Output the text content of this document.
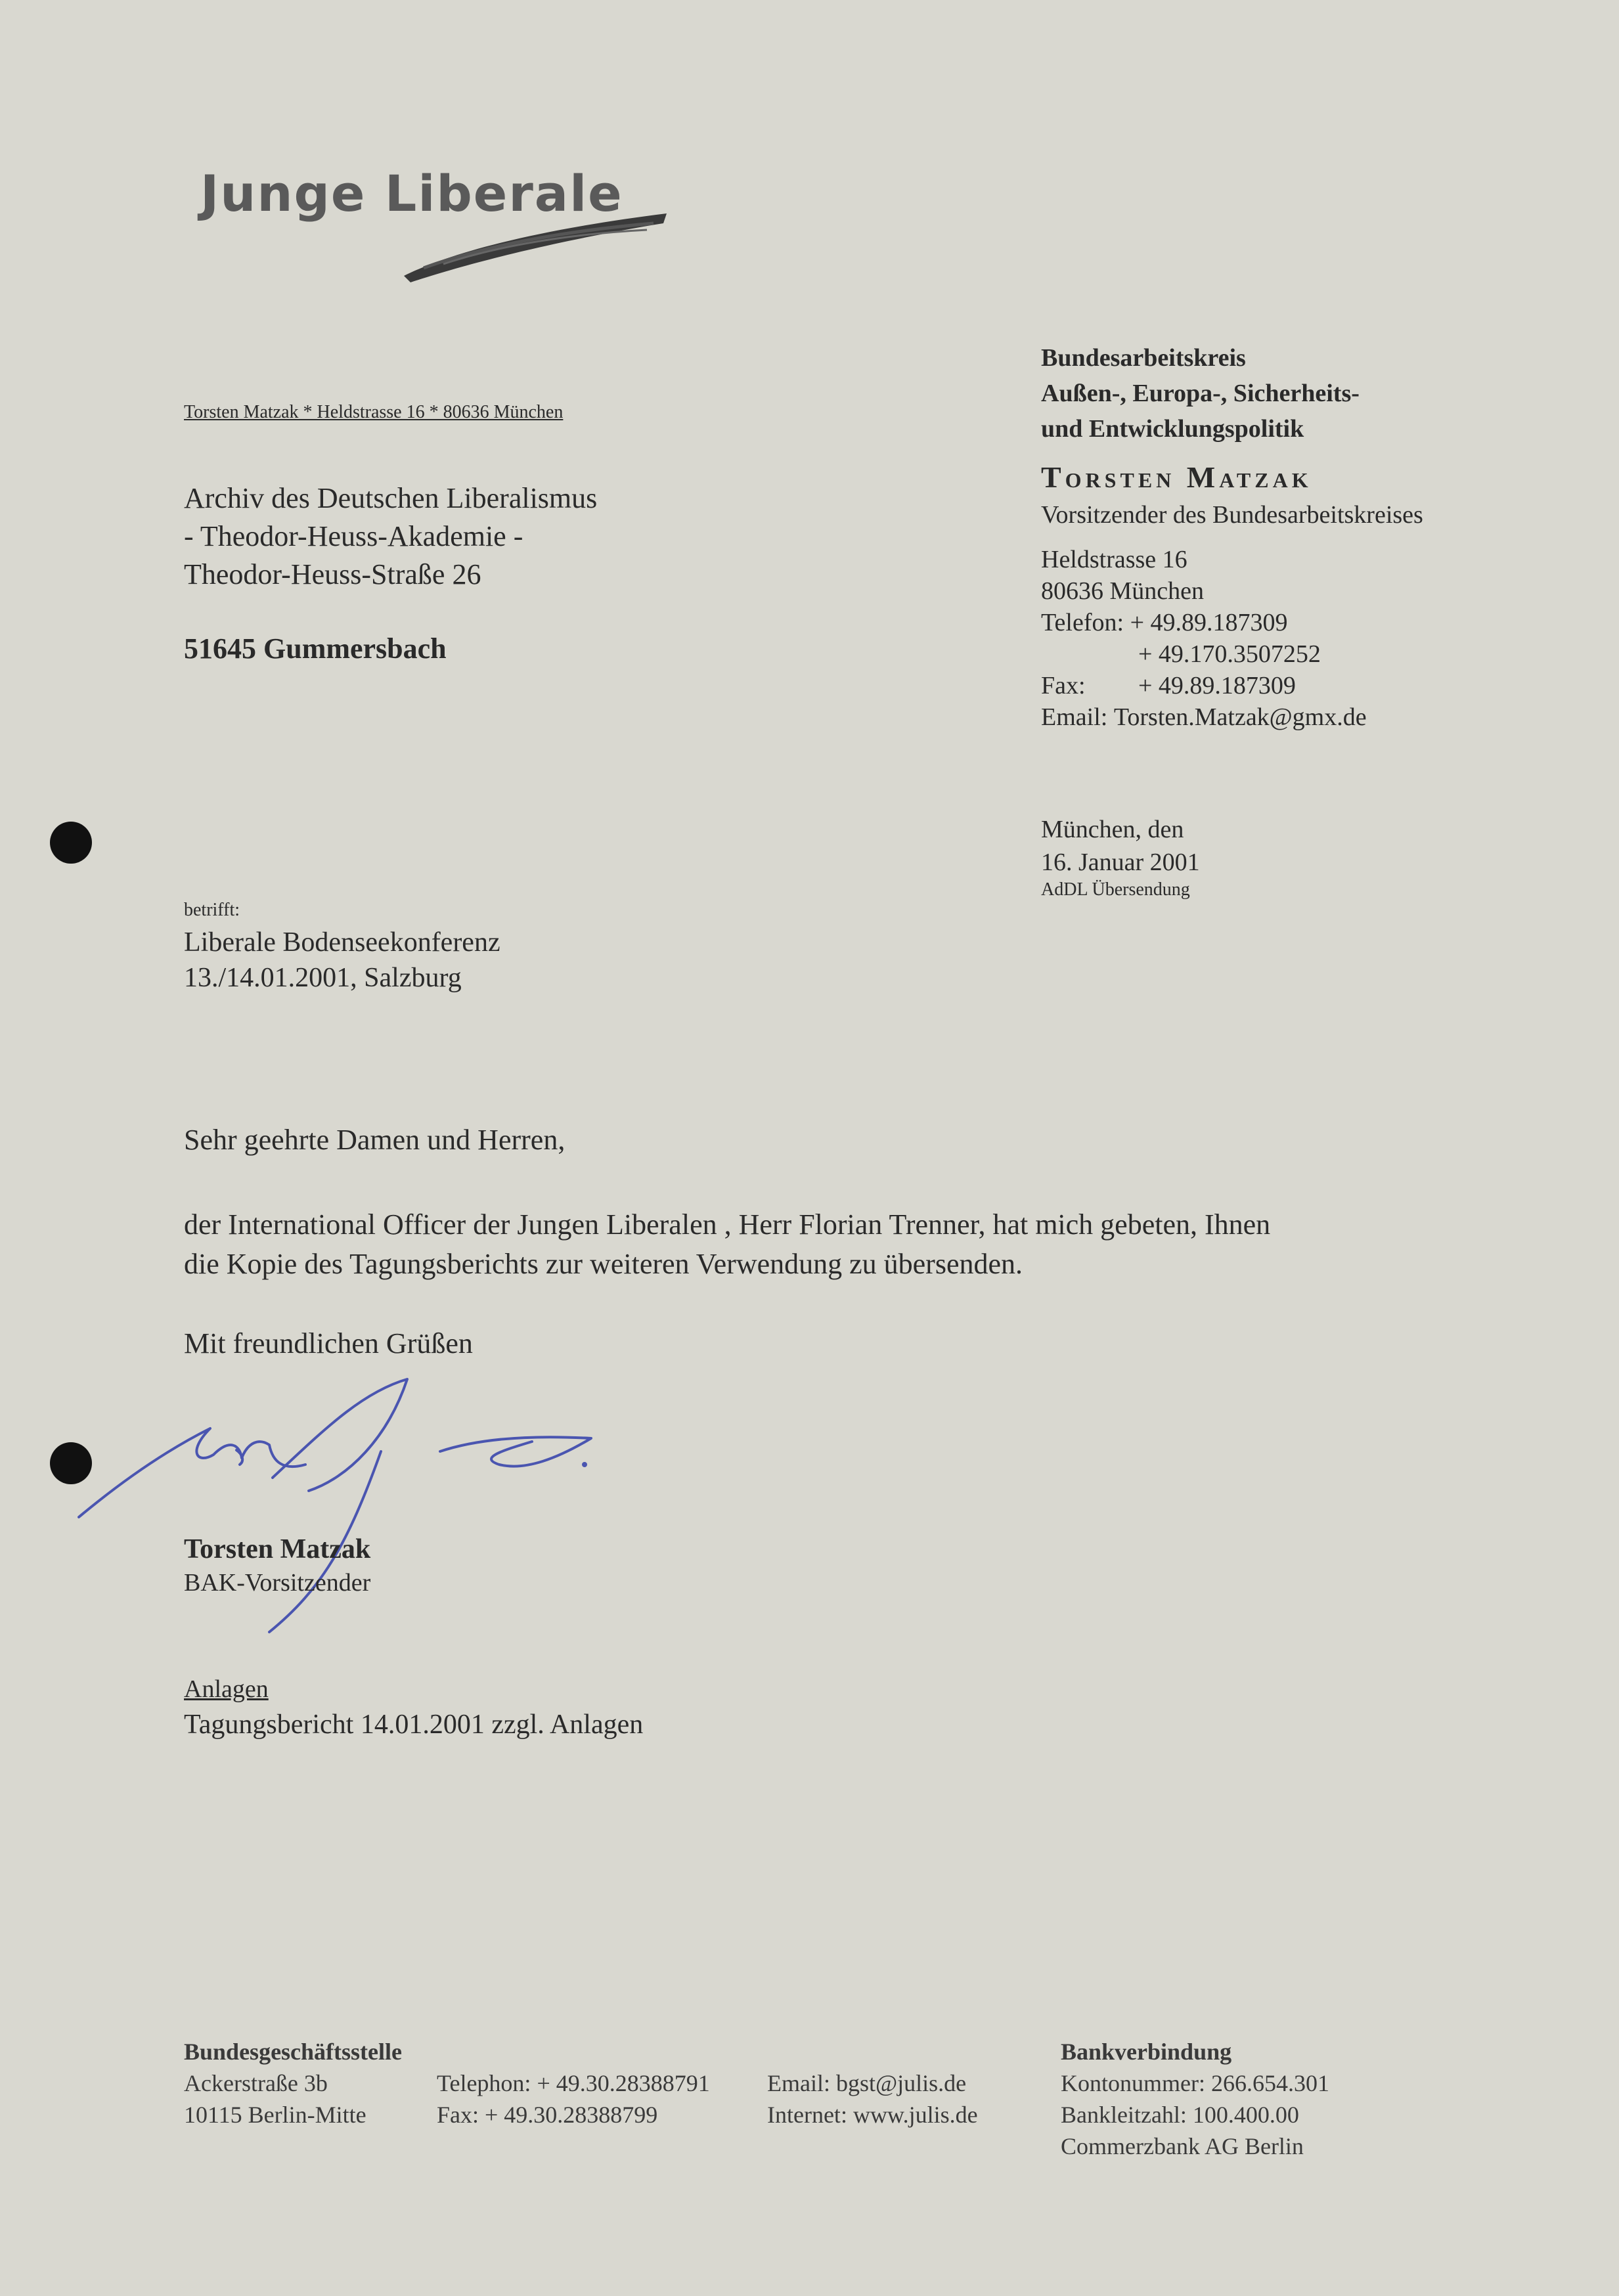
Junge Liberale
Torsten Matzak * Heldstrasse 16 * 80636 München
Archiv des Deutschen Liberalismus
- Theodor-Heuss-Akademie -
Theodor-Heuss-Straße 26
51645 Gummersbach
Bundesarbeitskreis
Außen-, Europa-, Sicherheits-
und Entwicklungspolitik
Torsten Matzak
Vorsitzender des Bundesarbeitskreises
Heldstrasse 16
80636 München
Telefon:
+ 49.89.187309
+ 49.170.3507252
Fax:	+ 49.89.187309
Email:
Torsten.Matzak@gmx.de
München, den
16. Januar 2001
AdDL Übersendung
betrifft:
Liberale Bodenseekonferenz
13./14.01.2001, Salzburg
Sehr geehrte Damen und Herren,
der International Officer der Jungen Liberalen , Herr Florian Trenner, hat mich gebeten, Ihnen
die Kopie des Tagungsberichts zur weiteren Verwendung zu übersenden.
Mit freundlichen Grüßen
Torsten Matzak
BAK-Vorsitzender
Anlagen
Tagungsbericht 14.01.2001 zzgl. Anlagen
Bundesgeschäftsstelle
Ackerstraße 3b
10115 Berlin-Mitte
Telephon: + 49.30.28388791
Fax: + 49.30.28388799
Email: bgst@julis.de
Internet: www.julis.de
Bankverbindung
Kontonummer: 266.654.301
Bankleitzahl: 100.400.00
Commerzbank AG Berlin
